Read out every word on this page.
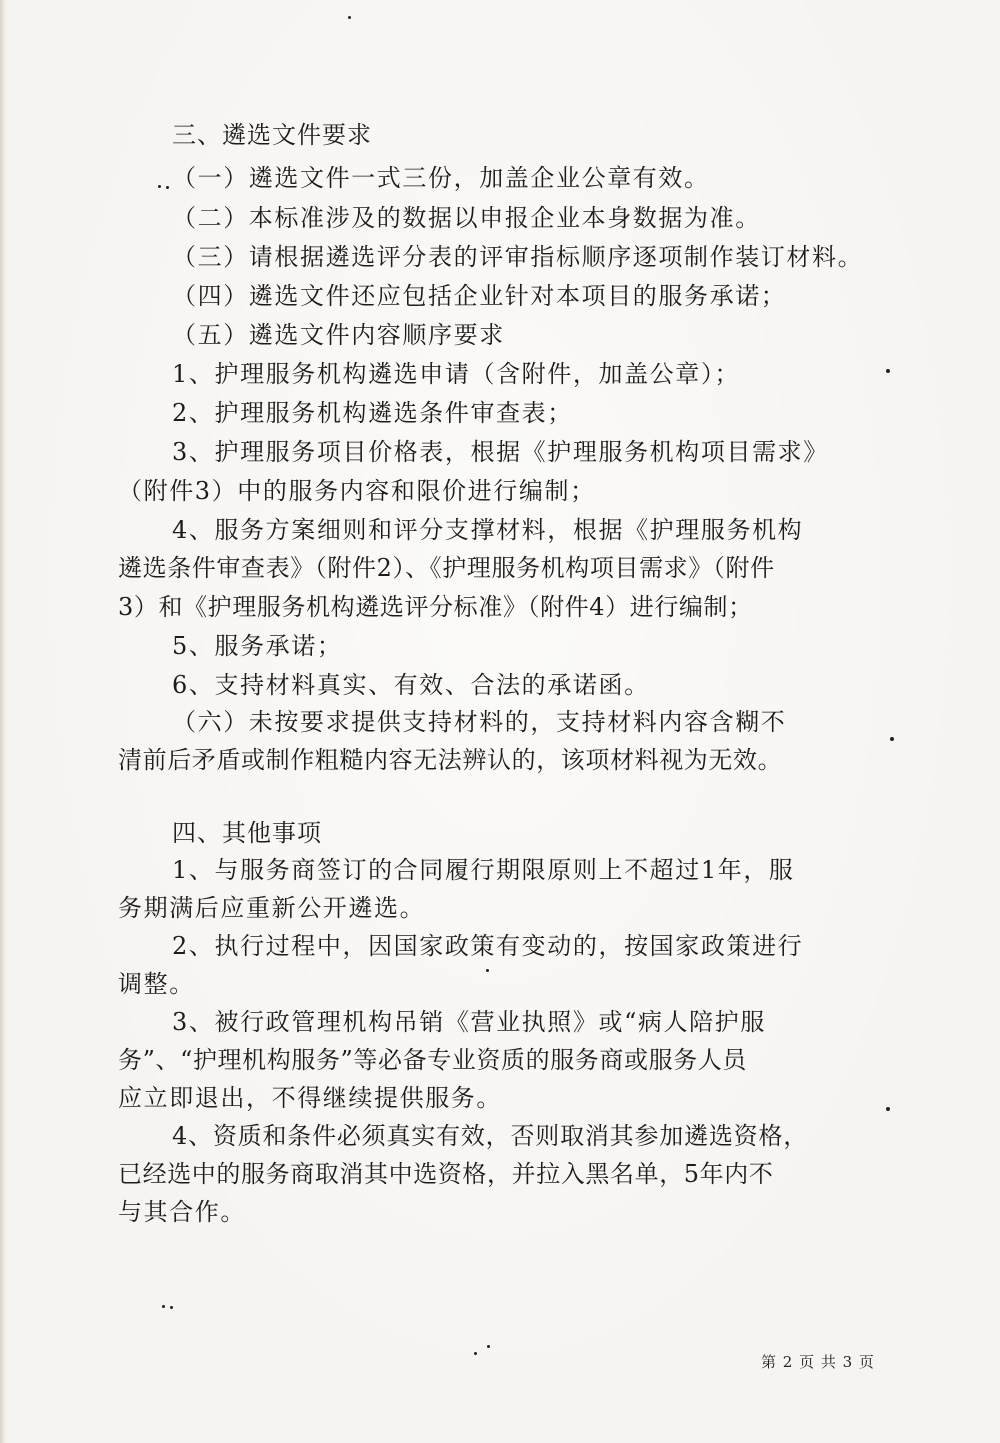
三、遴选文件要求
（一）遴选文件一式三份，加盖企业公章有效。
（二）本标准涉及的数据以申报企业本身数据为准。
（三）请根据遴选评分表的评审指标顺序逐项制作装订材料。
（四）遴选文件还应包括企业针对本项目的服务承诺；
（五）遴选文件内容顺序要求
1、护理服务机构遴选申请（含附件，加盖公章）；
2、护理服务机构遴选条件审查表；
3、护理服务项目价格表，根据《护理服务机构项目需求》
（附件3）中的服务内容和限价进行编制；
4、服务方案细则和评分支撑材料，根据《护理服务机构
遴选条件审查表》（附件2）、《护理服务机构项目需求》（附件
3）和《护理服务机构遴选评分标准》（附件4）进行编制；
5、服务承诺；
6、支持材料真实、有效、合法的承诺函。
（六）未按要求提供支持材料的，支持材料内容含糊不
清前后矛盾或制作粗糙内容无法辨认的，该项材料视为无效。
四、其他事项
1、与服务商签订的合同履行期限原则上不超过1年，服
务期满后应重新公开遴选。
2、执行过程中，因国家政策有变动的，按国家政策进行
调整。
3、被行政管理机构吊销《营业执照》或“病人陪护服
务”、“护理机构服务”等必备专业资质的服务商或服务人员
应立即退出，不得继续提供服务。
4、资质和条件必须真实有效，否则取消其参加遴选资格，
已经选中的服务商取消其中选资格，并拉入黑名单，5年内不
与其合作。
第 2 页 共 3 页
